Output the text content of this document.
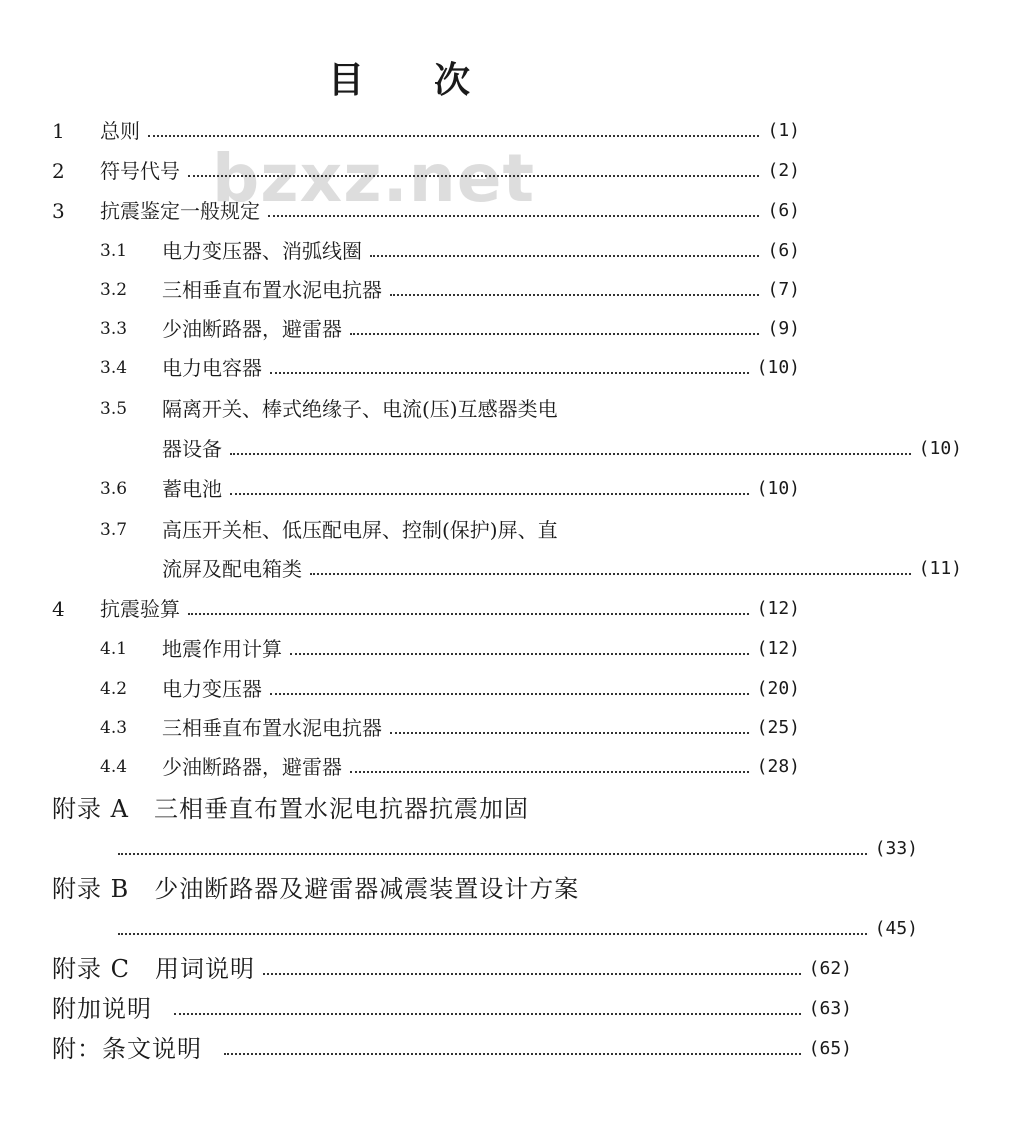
目 次
bzxz.net
1	总则	(1)
2	符号代号	(2)
3	抗震鉴定一般规定	(6)
3.1	电力变压器、消弧线圈	(6)
3.2	三相垂直布置水泥电抗器	(7)
3.3	少油断路器，避雷器	(9)
3.4	电力电容器	(10)
3.5	隔离开关、棒式绝缘子、电流(压)互感器类电
器设备	(10)
3.6	蓄电池	(10)
3.7	高压开关柜、低压配电屏、控制(保护)屏、直
流屏及配电箱类	(11)
4	抗震验算	(12)
4.1	地震作用计算	(12)
4.2	电力变压器	(20)
4.3	三相垂直布置水泥电抗器	(25)
4.4	少油断路器，避雷器	(28)
附录 A　三相垂直布置水泥电抗器抗震加固
(33)
附录 B　少油断路器及避雷器减震装置设计方案
(45)
附录 C　用词说明	(62)
附加说明	(63)
附：条文说明	(65)
